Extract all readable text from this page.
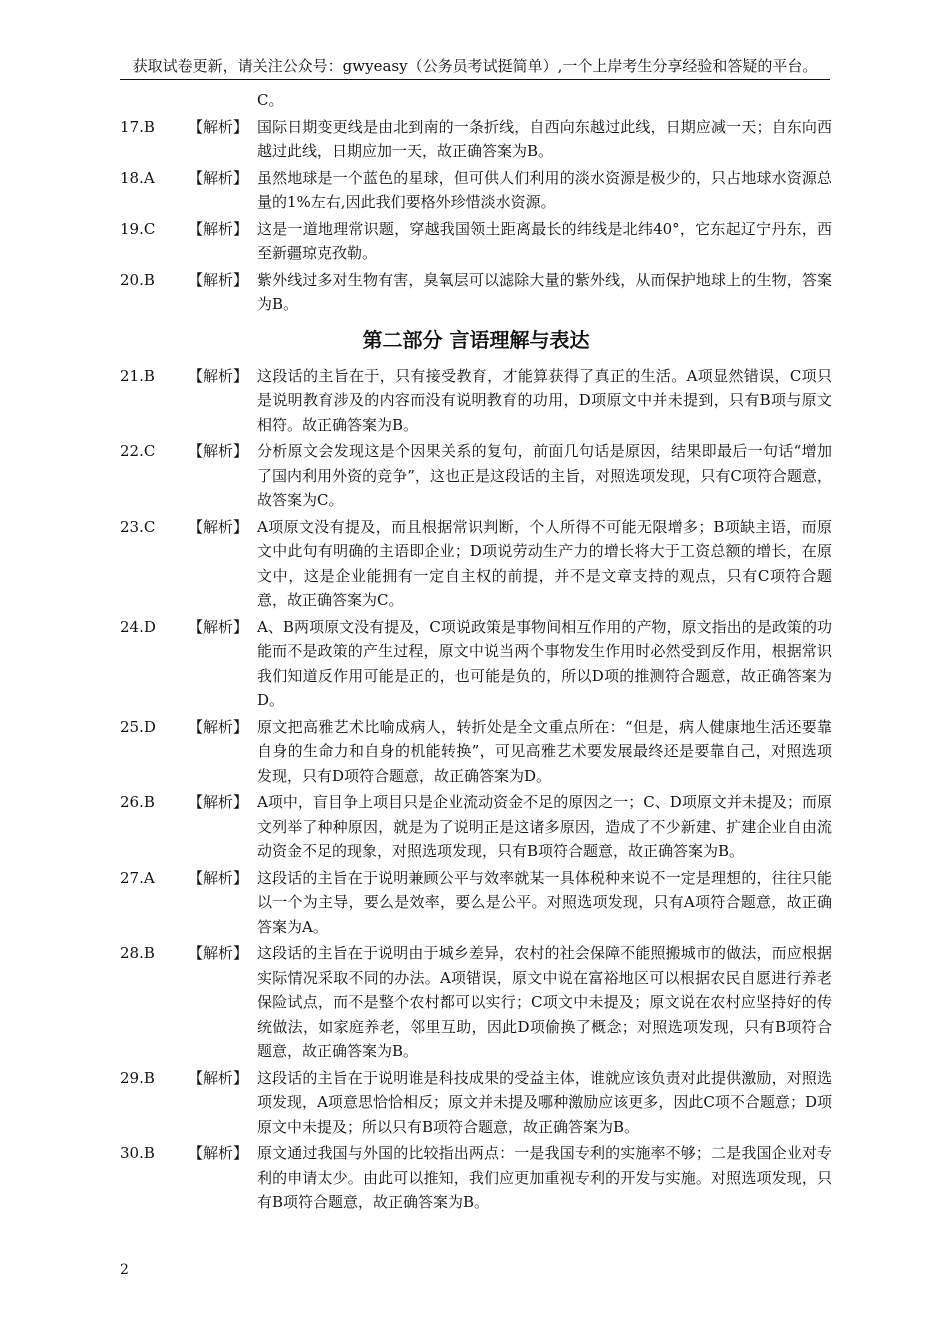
获取试卷更新，请关注公众号：gwyeasy（公务员考试挺简单）,一个上岸考生分享经验和答疑的平台。
C。
17.B	【解析】 国际日期变更线是由北到南的一条折线，自西向东越过此线，日期应减一天；自东向西越过此线，日期应加一天，故正确答案为B。
18.A	【解析】 虽然地球是一个蓝色的星球，但可供人们利用的淡水资源是极少的，只占地球水资源总量的1%左右,因此我们要格外珍惜淡水资源。
19.C	【解析】 这是一道地理常识题，穿越我国领土距离最长的纬线是北纬40°，它东起辽宁丹东，西至新疆琼克孜勒。
20.B	【解析】 紫外线过多对生物有害，臭氧层可以滤除大量的紫外线，从而保护地球上的生物，答案为B。
第二部分 言语理解与表达
21.B	【解析】 这段话的主旨在于，只有接受教育，才能算获得了真正的生活。A项显然错误，C项只是说明教育涉及的内容而没有说明教育的功用，D项原文中并未提到，只有B项与原文相符。故正确答案为B。
22.C	【解析】 分析原文会发现这是个因果关系的复句，前面几句话是原因，结果即最后一句话“增加了国内利用外资的竞争”，这也正是这段话的主旨，对照选项发现，只有C项符合题意，故答案为C。
23.C	【解析】 A项原文没有提及，而且根据常识判断，个人所得不可能无限增多；B项缺主语，而原文中此句有明确的主语即企业；D项说劳动生产力的增长将大于工资总额的增长，在原文中，这是企业能拥有一定自主权的前提，并不是文章支持的观点，只有C项符合题意，故正确答案为C。
24.D	【解析】 A、B两项原文没有提及，C项说政策是事物间相互作用的产物，原文指出的是政策的功能而不是政策的产生过程，原文中说当两个事物发生作用时必然受到反作用，根据常识我们知道反作用可能是正的，也可能是负的，所以D项的推测符合题意，故正确答案为D。
25.D	【解析】 原文把高雅艺术比喻成病人，转折处是全文重点所在：“但是，病人健康地生活还要靠自身的生命力和自身的机能转换”，可见高雅艺术要发展最终还是要靠自己，对照选项发现，只有D项符合题意，故正确答案为D。
26.B	【解析】 A项中，盲目争上项目只是企业流动资金不足的原因之一；C、D项原文并未提及；而原文列举了种种原因，就是为了说明正是这诸多原因，造成了不少新建、扩建企业自由流动资金不足的现象，对照选项发现，只有B项符合题意，故正确答案为B。
27.A	【解析】 这段话的主旨在于说明兼顾公平与效率就某一具体税种来说不一定是理想的，往往只能以一个为主导，要么是效率，要么是公平。对照选项发现，只有A项符合题意，故正确答案为A。
28.B	【解析】 这段话的主旨在于说明由于城乡差异，农村的社会保障不能照搬城市的做法，而应根据实际情况采取不同的办法。A项错误，原文中说在富裕地区可以根据农民自愿进行养老保险试点，而不是整个农村都可以实行；C项文中未提及；原文说在农村应坚持好的传统做法，如家庭养老，邻里互助，因此D项偷换了概念；对照选项发现，只有B项符合题意，故正确答案为B。
29.B	【解析】 这段话的主旨在于说明谁是科技成果的受益主体，谁就应该负责对此提供激励，对照选项发现，A项意思恰恰相反；原文并未提及哪种激励应该更多，因此C项不合题意；D项原文中未提及；所以只有B项符合题意，故正确答案为B。
30.B	【解析】 原文通过我国与外国的比较指出两点：一是我国专利的实施率不够；二是我国企业对专利的申请太少。由此可以推知，我们应更加重视专利的开发与实施。对照选项发现，只有B项符合题意，故正确答案为B。
2
